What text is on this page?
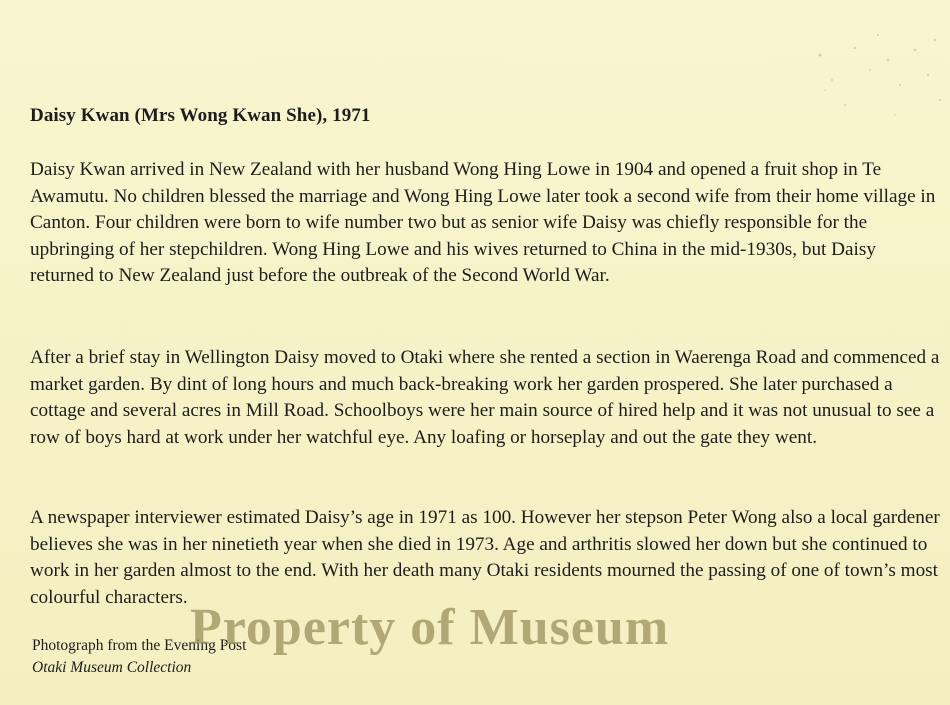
Daisy Kwan (Mrs Wong Kwan She), 1971

Daisy Kwan arrived in New Zealand with her husband Wong Hing Lowe in 1904 and opened a fruit shop in Te Awamutu. No children blessed the marriage and Wong Hing Lowe later took a second wife from their home village in Canton. Four children were born to wife number two but as senior wife Daisy was chiefly responsible for the upbringing of her stepchildren. Wong Hing Lowe and his wives returned to China in the mid-1930s, but Daisy returned to New Zealand just before the outbreak of the Second World War.

After a brief stay in Wellington Daisy moved to Otaki where she rented a section in Waerenga Road and commenced a market garden. By dint of long hours and much back-breaking work her garden prospered. She later purchased a cottage and several acres in Mill Road. Schoolboys were her main source of hired help and it was not unusual to see a row of boys hard at work under her watchful eye. Any loafing or horseplay and out the gate they went.

A newspaper interviewer estimated Daisy’s age in 1971 as 100. However her stepson Peter Wong also a local gardener believes she was in her ninetieth year when she died in 1973. Age and arthritis slowed her down but she continued to work in her garden almost to the end. With her death many Otaki residents mourned the passing of one of town’s most colourful characters.

Photograph from the Evening Post
Otaki Museum Collection
Property of Museum
